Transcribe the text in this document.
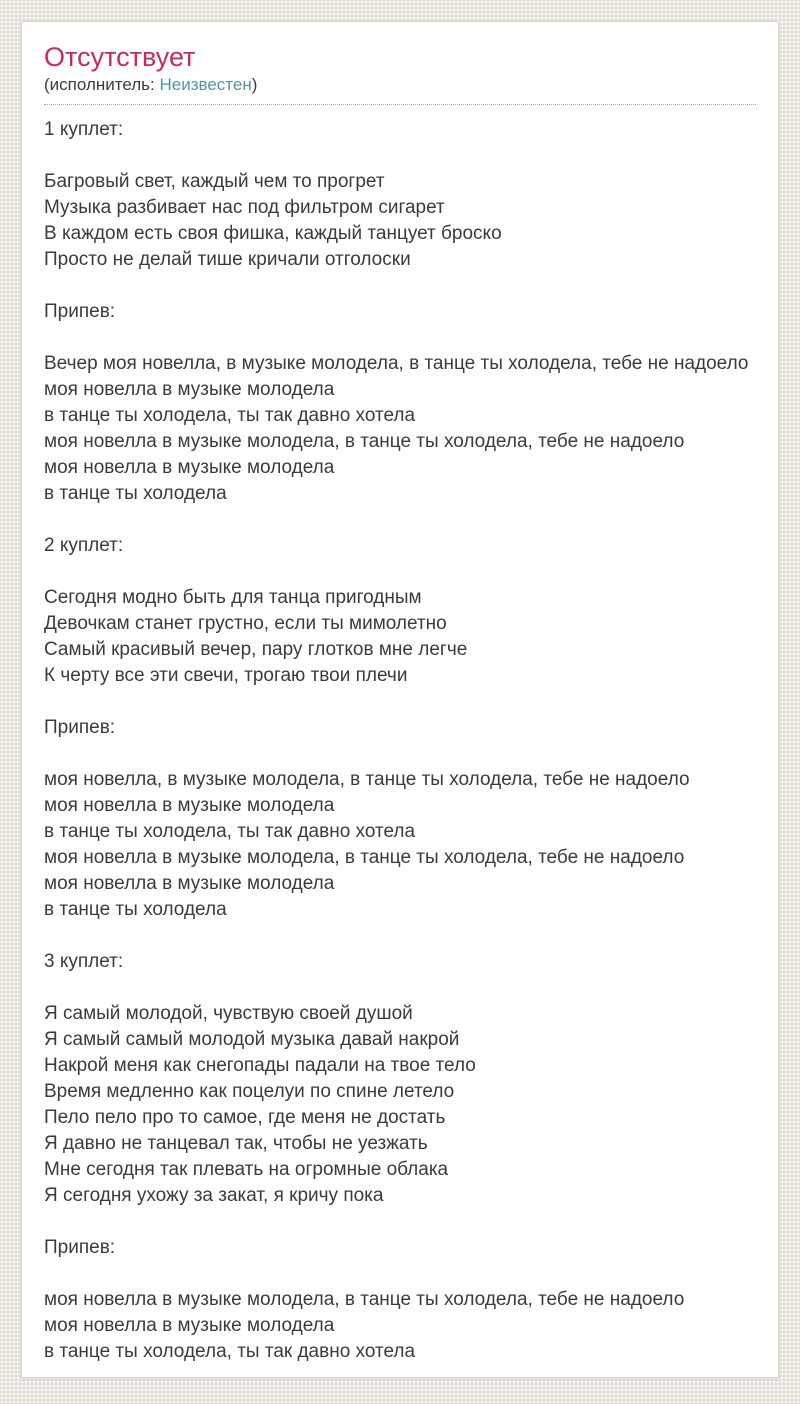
Отсутствует
(исполнитель: Неизвестен)
1 куплет:
Багровый свет, каждый чем то прогрет
Музыка разбивает нас под фильтром сигарет
В каждом есть своя фишка, каждый танцует броско
Просто не делай тише кричали отголоски
Припев:
Вечер моя новелла, в музыке молодела, в танце ты холодела, тебе не надоело
моя новелла в музыке молодела
в танце ты холодела, ты так давно хотела
моя новелла в музыке молодела, в танце ты холодела, тебе не надоело
моя новелла в музыке молодела
в танце ты холодела
2 куплет:
Сегодня модно быть для танца пригодным
Девочкам станет грустно, если ты мимолетно
Самый красивый вечер, пару глотков мне легче
К черту все эти свечи, трогаю твои плечи
Припев:
моя новелла, в музыке молодела, в танце ты холодела, тебе не надоело
моя новелла в музыке молодела
в танце ты холодела, ты так давно хотела
моя новелла в музыке молодела, в танце ты холодела, тебе не надоело
моя новелла в музыке молодела
в танце ты холодела
3 куплет:
Я самый молодой, чувствую своей душой
Я самый самый молодой музыка давай накрой
Накрой меня как снегопады падали на твое тело
Время медленно как поцелуи по спине летело
Пело пело про то самое, где меня не достать
Я давно не танцевал так, чтобы не уезжать
Мне сегодня так плевать на огромные облака
Я сегодня ухожу за закат, я кричу пока
Припев:
моя новелла в музыке молодела, в танце ты холодела, тебе не надоело
моя новелла в музыке молодела
в танце ты холодела, ты так давно хотела
